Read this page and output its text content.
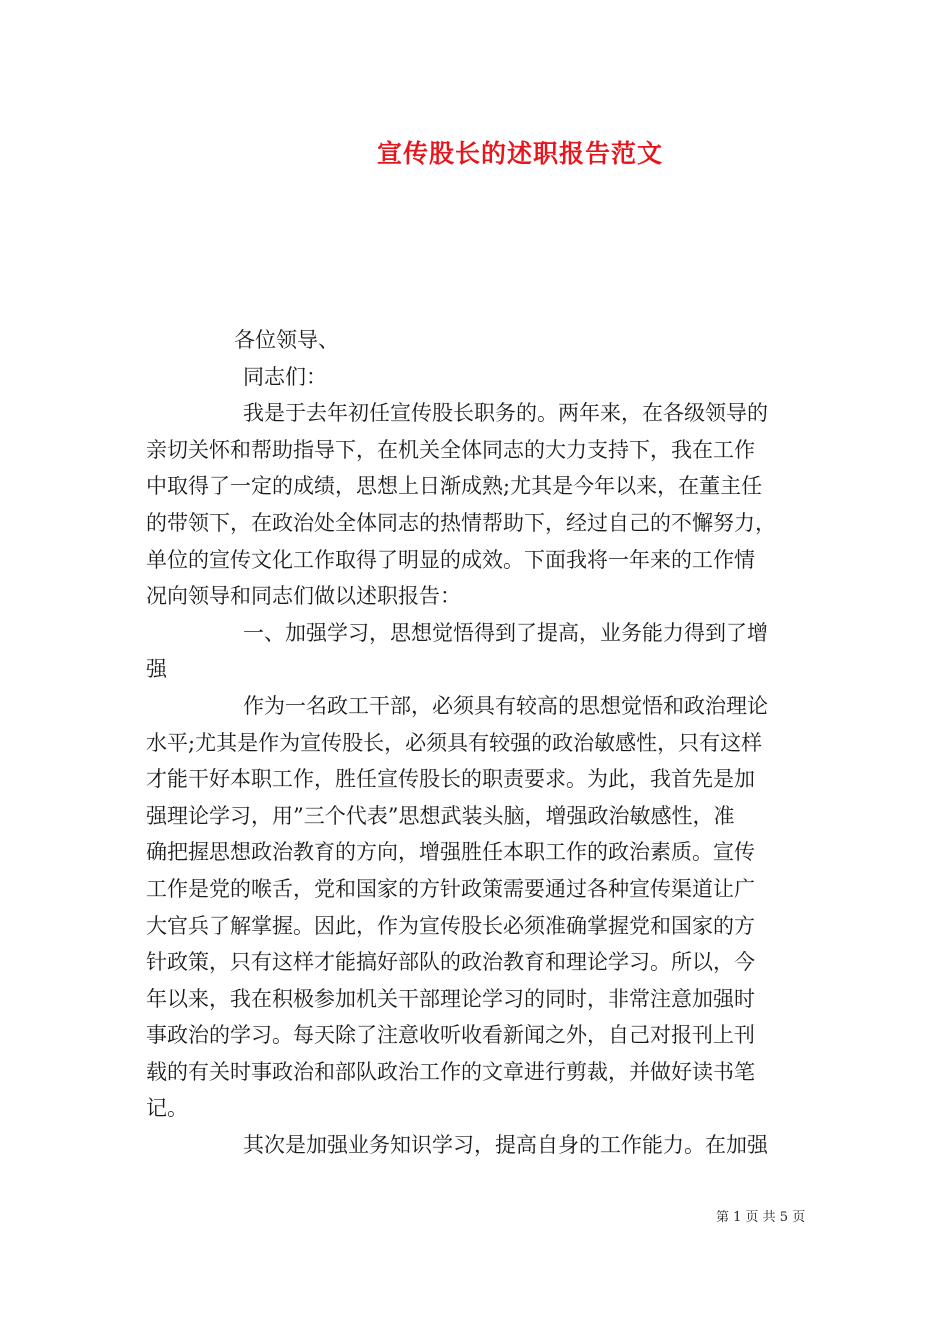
宣传股长的述职报告范文
各位领导、
同志们：
我是于去年初任宣传股长职务的。两年来，在各级领导的
亲切关怀和帮助指导下，在机关全体同志的大力支持下，我在工作
中取得了一定的成绩，思想上日渐成熟;尤其是今年以来，在董主任
的带领下，在政治处全体同志的热情帮助下，经过自己的不懈努力，
单位的宣传文化工作取得了明显的成效。下面我将一年来的工作情
况向领导和同志们做以述职报告：
一、加强学习，思想觉悟得到了提高，业务能力得到了增
强
作为一名政工干部，必须具有较高的思想觉悟和政治理论
水平;尤其是作为宣传股长，必须具有较强的政治敏感性，只有这样
才能干好本职工作，胜任宣传股长的职责要求。为此，我首先是加
强理论学习，用”三个代表”思想武装头脑，增强政治敏感性，准
确把握思想政治教育的方向，增强胜任本职工作的政治素质。宣传
工作是党的喉舌，党和国家的方针政策需要通过各种宣传渠道让广
大官兵了解掌握。因此，作为宣传股长必须准确掌握党和国家的方
针政策，只有这样才能搞好部队的政治教育和理论学习。所以，今
年以来，我在积极参加机关干部理论学习的同时，非常注意加强时
事政治的学习。每天除了注意收听收看新闻之外，自己对报刊上刊
载的有关时事政治和部队政治工作的文章进行剪裁，并做好读书笔
记。
其次是加强业务知识学习，提高自身的工作能力。在加强
第 1 页 共 5 页
